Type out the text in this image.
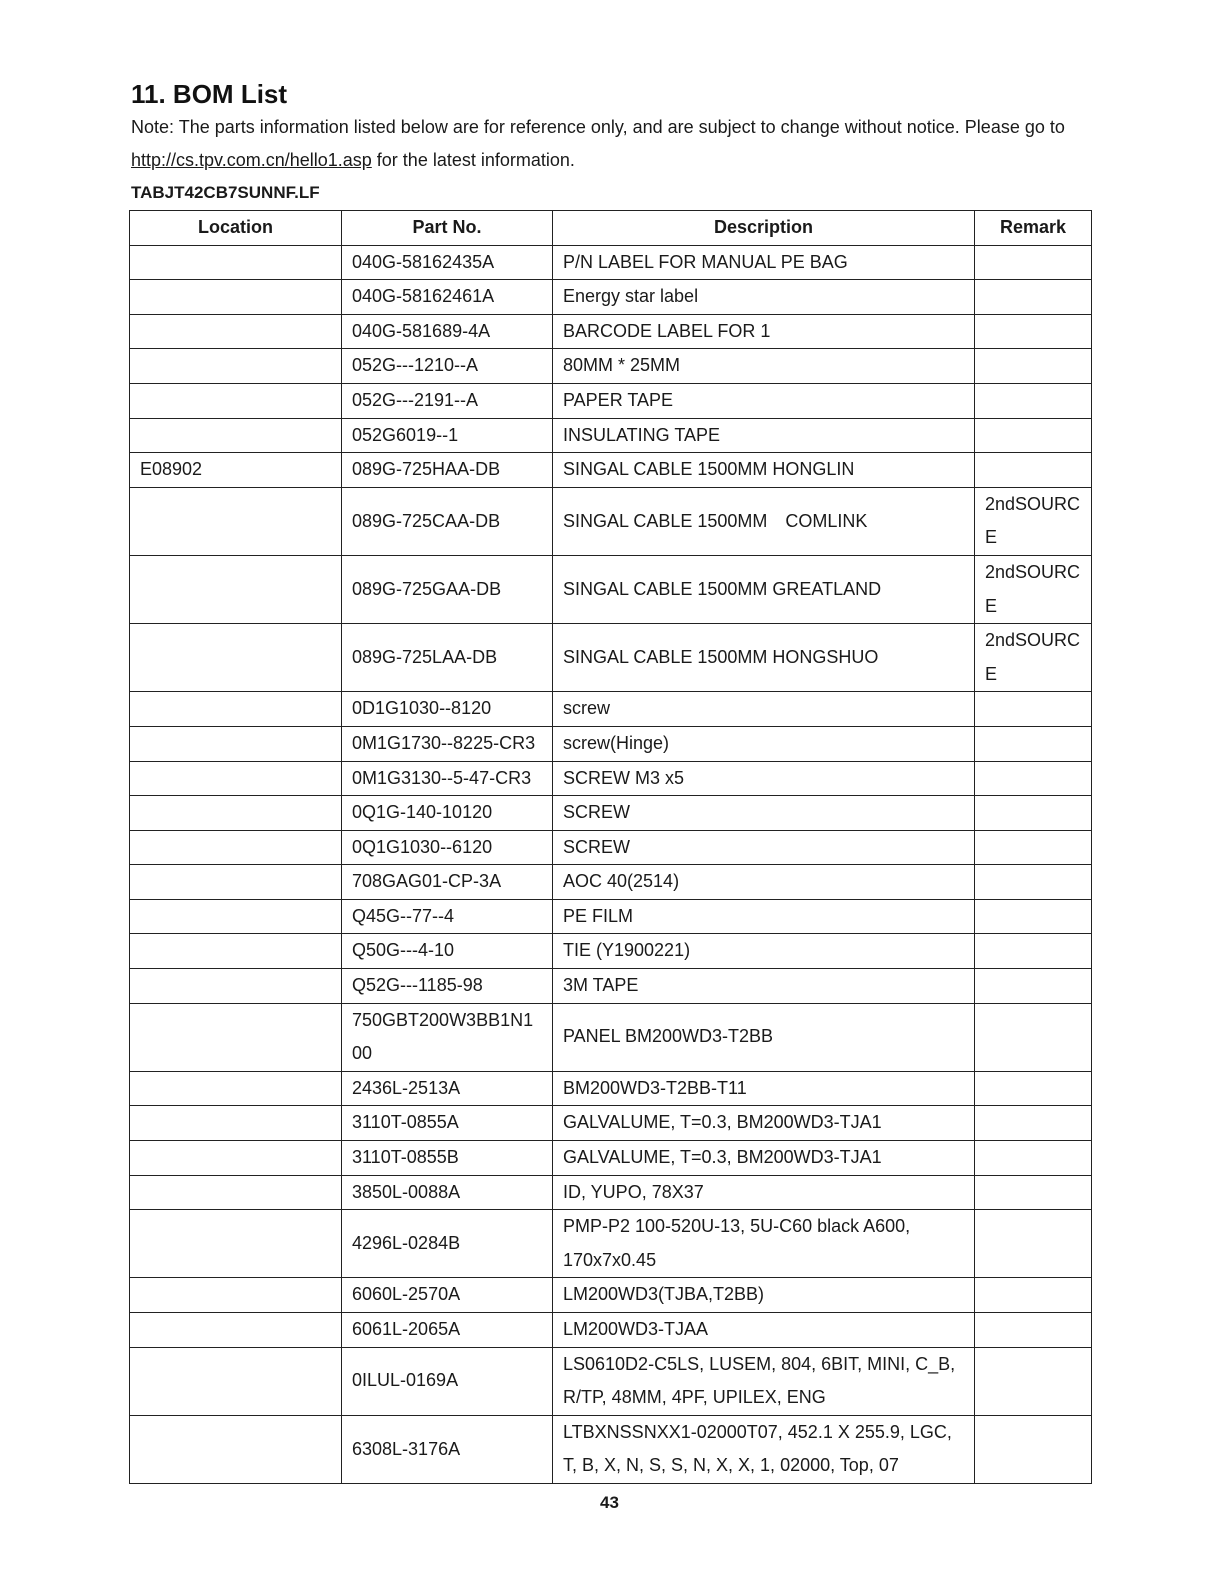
11. BOM List
Note: The parts information listed below are for reference only, and are subject to change without notice. Please go to http://cs.tpv.com.cn/hello1.asp for the latest information.
TABJT42CB7SUNNF.LF
Location	Part No.	Description	Remark
	040G-58162435A	P/N LABEL FOR MANUAL PE BAG	
	040G-58162461A	Energy star label	
	040G-581689-4A	BARCODE LABEL FOR 1	
	052G---1210--A	80MM * 25MM	
	052G---2191--A	PAPER TAPE	
	052G6019--1	INSULATING TAPE	
E08902	089G-725HAA-DB	SINGAL CABLE 1500MM HONGLIN	
	089G-725CAA-DB	SINGAL CABLE 1500MM　COMLINK	2ndSOURCE
	089G-725GAA-DB	SINGAL CABLE 1500MM GREATLAND	2ndSOURCE
	089G-725LAA-DB	SINGAL CABLE 1500MM HONGSHUO	2ndSOURCE
	0D1G1030--8120	screw	
	0M1G1730--8225-CR3	screw(Hinge)	
	0M1G3130--5-47-CR3	SCREW M3 x5	
	0Q1G-140-10120	SCREW	
	0Q1G1030--6120	SCREW	
	708GAG01-CP-3A	AOC 40(2514)	
	Q45G--77--4	PE FILM	
	Q50G---4-10	TIE (Y1900221)	
	Q52G---1185-98	3M TAPE	
	750GBT200W3BB1N100	PANEL BM200WD3-T2BB	
	2436L-2513A	BM200WD3-T2BB-T11	
	3110T-0855A	GALVALUME, T=0.3, BM200WD3-TJA1	
	3110T-0855B	GALVALUME, T=0.3, BM200WD3-TJA1	
	3850L-0088A	ID, YUPO, 78X37	
	4296L-0284B	PMP-P2 100-520U-13, 5U-C60 black A600, 170x7x0.45	
	6060L-2570A	LM200WD3(TJBA,T2BB)	
	6061L-2065A	LM200WD3-TJAA	
	0ILUL-0169A	LS0610D2-C5LS, LUSEM, 804, 6BIT, MINI, C_B, R/TP, 48MM, 4PF, UPILEX, ENG	
	6308L-3176A	LTBXNSSNXX1-02000T07, 452.1 X 255.9, LGC, T, B, X, N, S, S, N, X, X, 1, 02000, Top, 07	
43
